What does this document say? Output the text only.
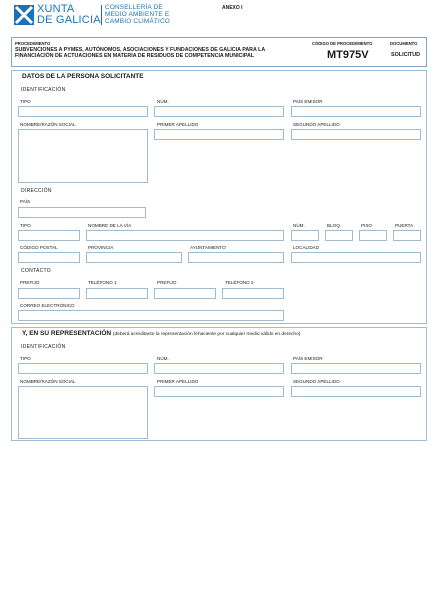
XUNTA
DE GALICIA
CONSELLERÍA DE
MEDIO AMBIENTE E
CAMBIO CLIMÁTICO
ANEXO I
PROCEDIMIENTO
SUBVENCIONES A PYMES, AUTÓNOMOS, ASOCIACIONES Y FUNDACIONES DE GALICIA PARA LA FINANCIACIÓN DE ACTUACIONES EN MATERIA DE RESIDUOS DE COMPETENCIA MUNICIPAL
CÓDIGO DE PROCEDIMIENTO
MT975V
DOCUMENTO
SOLICITUD
DATOS DE LA PERSONA SOLICITANTE
IDENTIFICACIÓN
TIPO	NÚM.	PAÍS EMISOR
NOMBRE/RAZÓN SOCIAL	PRIMER APELLIDO	SEGUNDO APELLIDO
DIRECCIÓN
PAÍS
TIPO	NOMBRE DE LA VÍA	NÚM.	BLOQ.	PISO	PUERTA
CÓDIGO POSTAL	PROVINCIA	AYUNTAMIENTO	LOCALIDAD
CONTACTO
PREFIJO	TELÉFONO 1	PREFIJO	TELÉFONO 2
CORREO ELECTRÓNICO
Y, EN SU REPRESENTACIÓN (deberá acreditarse la representación fehaciente por cualquier medio válido en derecho)
IDENTIFICACIÓN
TIPO	NÚM.	PAÍS EMISOR
NOMBRE/RAZÓN SOCIAL	PRIMER APELLIDO	SEGUNDO APELLIDO
